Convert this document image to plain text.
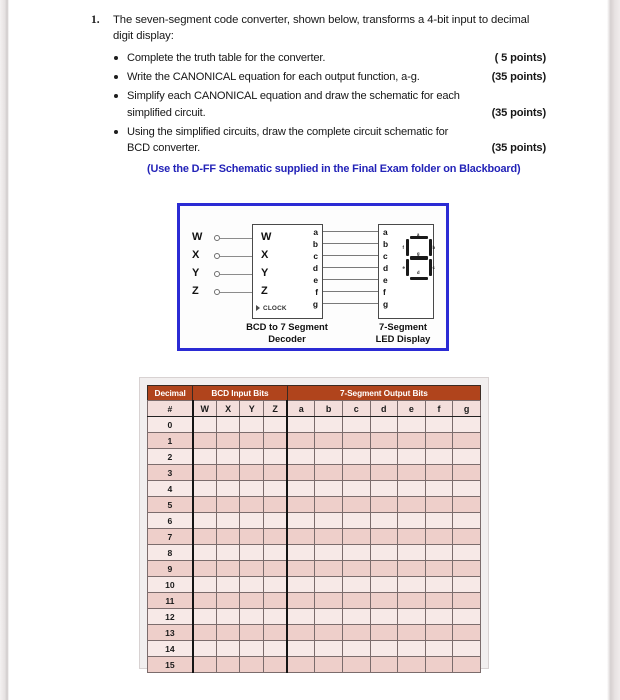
1.	The seven-segment code converter, shown below, transforms a 4-bit input to decimal digit display:
Complete the truth table for the converter.	( 5 points)
Write the CANONICAL equation for each output function, a-g.	(35 points)
Simplify each CANONICAL equation and draw the schematic for each simplified circuit.	(35 points)
Using the simplified circuits, draw the complete circuit schematic for BCD converter.	(35 points)
(Use the D-FF Schematic supplied in the Final Exam folder on Blackboard)
W
X
Y
Z
W
X
Y
Z
CLOCK
a
b
c
d
e
f
g
a
b
c
d
e
f
g
a
b
c
d
e
f
g
BCD to 7 Segment
Decoder
7-Segment
LED Display
Decimal	BCD Input Bits				7-Segment Output Bits						
#	W	X	Y	Z	a	b	c	d	e	f	g
0											
1											
2											
3											
4											
5											
6											
7											
8											
9											
10											
11											
12											
13											
14											
15											
